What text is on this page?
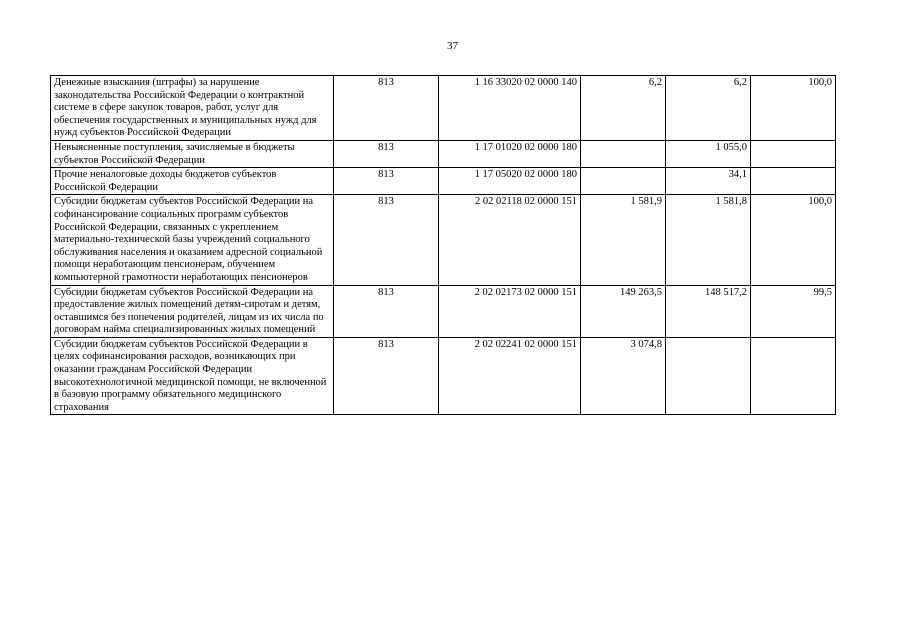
37
Денежные взыскания (штрафы) за нарушение законодательства Российской Федерации о контрактной системе в сфере закупок товаров, работ, услуг для обеспечения государственных и муниципальных нужд для нужд субъектов Российской Федерации	813	1 16 33020 02 0000 140	6,2	6,2	100,0
Невыясненные поступления, зачисляемые в бюджеты субъектов Российской Федерации	813	1 17 01020 02 0000 180		1 055,0	
Прочие неналоговые доходы бюджетов субъектов Российской Федерации	813	1 17 05020 02 0000 180		34,1	
Субсидии бюджетам субъектов Российской Федерации на софинансирование социальных программ субъектов Российской Федерации, связанных с укреплением материально-технической базы учреждений социального обслуживания населения и оказанием адресной социальной помощи неработающим пенсионерам, обучением компьютерной грамотности неработающих пенсионеров	813	2 02 02118 02 0000 151	1 581,9	1 581,8	100,0
Субсидии бюджетам субъектов Российской Федерации на предоставление жилых помещений детям-сиротам и детям, оставшимся без попечения родителей, лицам из их числа по договорам найма специализированных жилых помещений	813	2 02 02173 02 0000 151	149 263,5	148 517,2	99,5
Субсидии бюджетам субъектов Российской Федерации в целях софинансирования расходов, возникающих при оказании гражданам Российской Федерации высокотехнологичной медицинской помощи, не включенной в базовую программу обязательного медицинского страхования	813	2 02 02241 02 0000 151	3 074,8		
